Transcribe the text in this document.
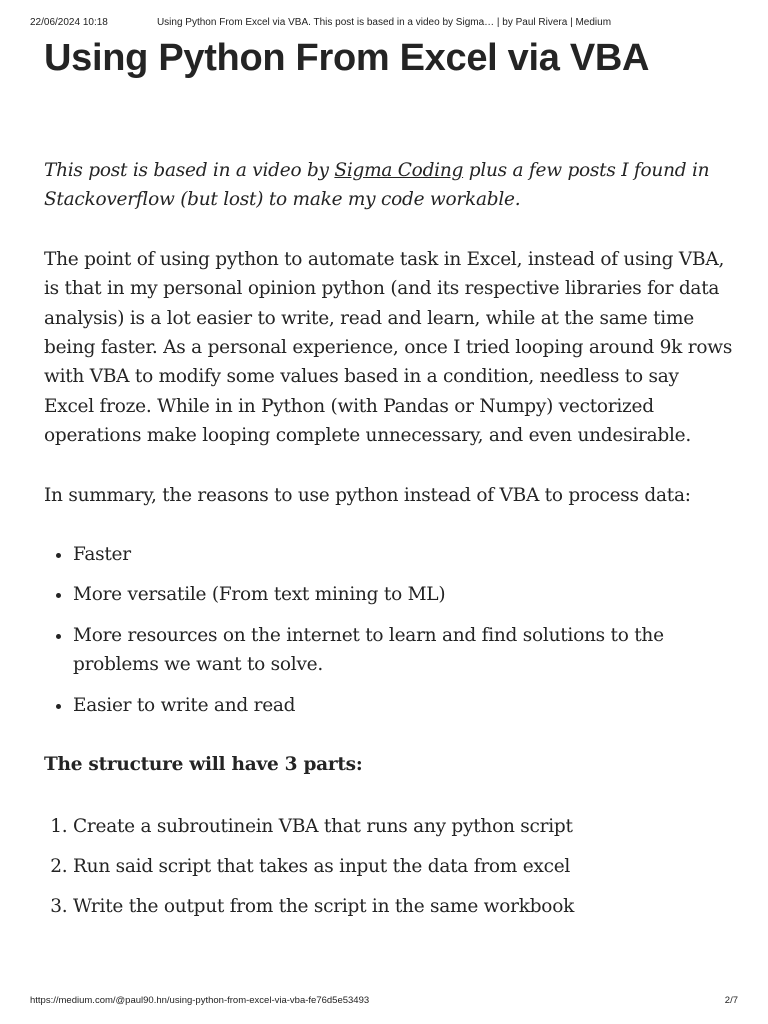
22/06/2024 10:18	Using Python From Excel via VBA. This post is based in a video by Sigma… | by Paul Rivera | Medium
Using Python From Excel via VBA

This post is based in a video by Sigma Coding plus a few posts I found in Stackoverflow (but lost) to make my code workable.

The point of using python to automate task in Excel, instead of using VBA, is that in my personal opinion python (and its respective libraries for data analysis) is a lot easier to write, read and learn, while at the same time being faster. As a personal experience, once I tried looping around 9k rows with VBA to modify some values based in a condition, needless to say Excel froze. While in in Python (with Pandas or Numpy) vectorized operations make looping complete unnecessary, and even undesirable.

In summary, the reasons to use python instead of VBA to process data:

• Faster
• More versatile (From text mining to ML)
• More resources on the internet to learn and find solutions to the problems we want to solve.
• Easier to write and read

The structure will have 3 parts:

1. Create a subroutinein VBA that runs any python script
2. Run said script that takes as input the data from excel
3. Write the output from the script in the same workbook
https://medium.com/@paul90.hn/using-python-from-excel-via-vba-fe76d5e53493	2/7
